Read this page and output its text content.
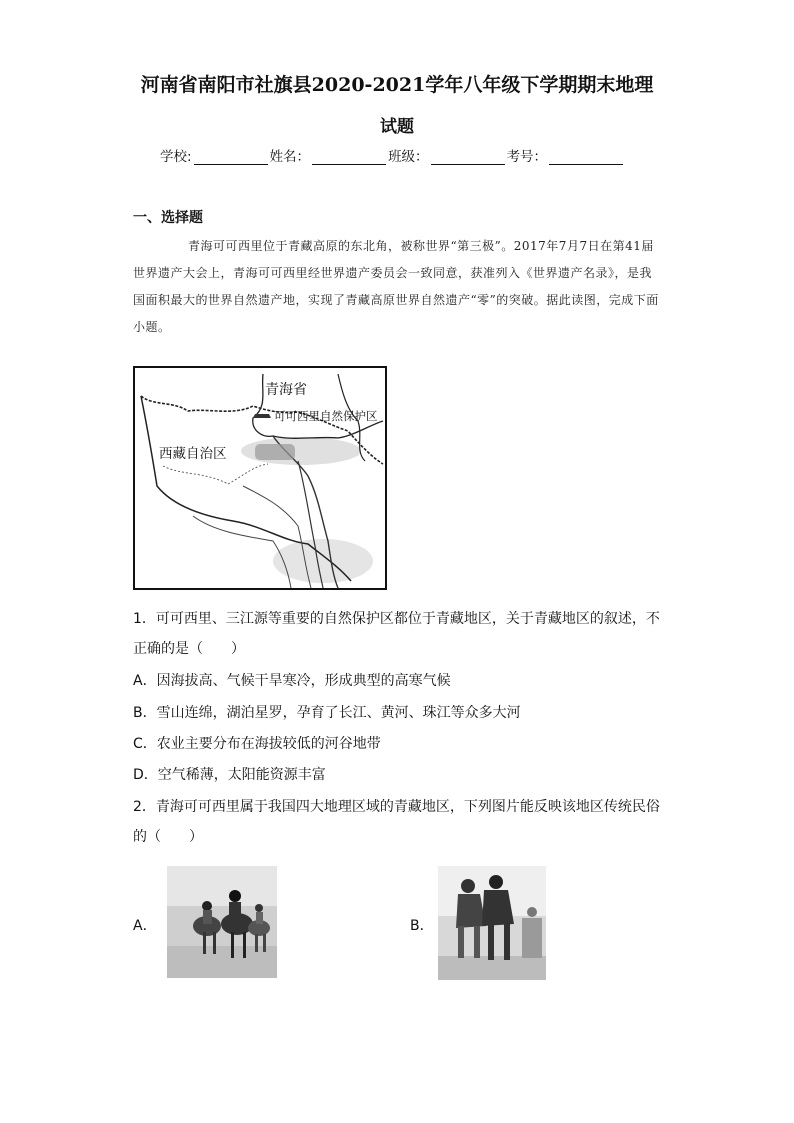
河南省南阳市社旗县2020-2021学年八年级下学期期末地理
试题
学校:	姓名：	班级：	考号：
一、选择题
青海可可西里位于青藏高原的东北角，被称世界“第三极”。2017年7月7日在第41届世界遗产大会上，青海可可西里经世界遗产委员会一致同意，获准列入《世界遗产名录》，是我国面积最大的世界自然遗产地，实现了青藏高原世界自然遗产“零”的突破。据此读图，完成下面小题。
青海省
可可西里自然保护区
西藏自治区
1．可可西里、三江源等重要的自然保护区都位于青藏地区，关于青藏地区的叙述，不正确的是（　　）
A．因海拔高、气候干旱寒冷，形成典型的高寒气候
B．雪山连绵，湖泊星罗，孕育了长江、黄河、珠江等众多大河
C．农业主要分布在海拔较低的河谷地带
D．空气稀薄，太阳能资源丰富
2．青海可可西里属于我国四大地理区域的青藏地区，下列图片能反映该地区传统民俗的（　　）
A．	B．
